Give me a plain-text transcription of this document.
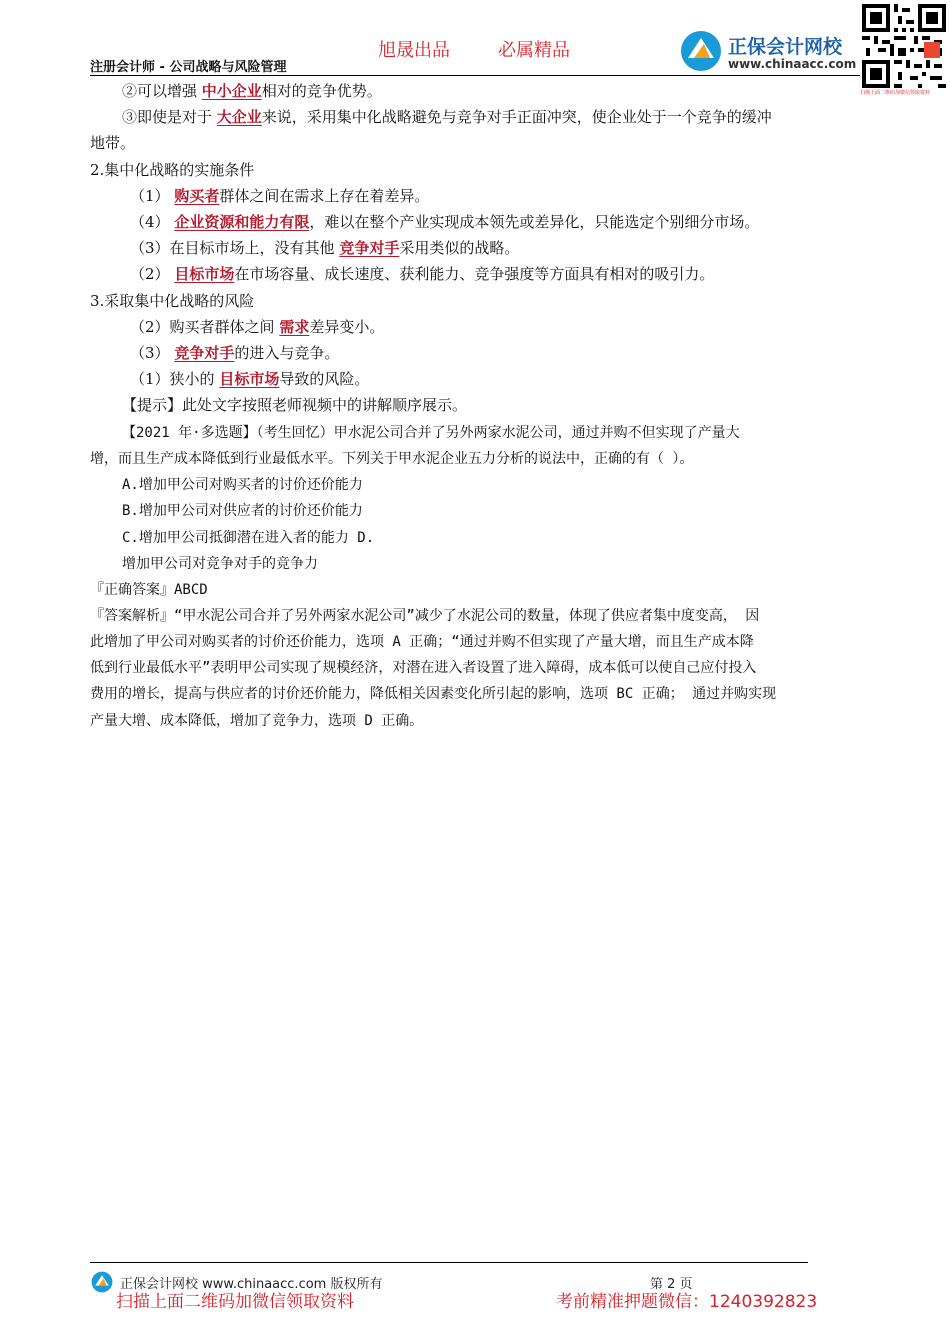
旭晟出品	必属精品
注册会计师 - 公司战略与风险管理
正保会计网校
www.chinaacc.com
扫描上面二维码加微信领取资料
②可以增强 中小企业相对的竞争优势。
③即使是对于 大企业来说，采用集中化战略避免与竞争对手正面冲突，使企业处于一个竞争的缓冲
地带。
2.集中化战略的实施条件
（1） 购买者群体之间在需求上存在着差异。
（4） 企业资源和能力有限，难以在整个产业实现成本领先或差异化，只能选定个别细分市场。
（3）在目标市场上，没有其他 竞争对手采用类似的战略。
（2） 目标市场在市场容量、成长速度、获利能力、竞争强度等方面具有相对的吸引力。
3.采取集中化战略的风险
（2）购买者群体之间 需求差异变小。
（3） 竞争对手的进入与竞争。
（1）狭小的 目标市场导致的风险。
【提示】此处文字按照老师视频中的讲解顺序展示。
【2021 年·多选题】（考生回忆）甲水泥公司合并了另外两家水泥公司，通过并购不但实现了产量大
增，而且生产成本降低到行业最低水平。下列关于甲水泥企业五力分析的说法中，正确的有（ ）。
A.增加甲公司对购买者的讨价还价能力
B.增加甲公司对供应者的讨价还价能力
C.增加甲公司抵御潜在进入者的能力 D.
增加甲公司对竞争对手的竞争力
『正确答案』ABCD
『答案解析』“甲水泥公司合并了另外两家水泥公司”减少了水泥公司的数量，体现了供应者集中度变高， 因
此增加了甲公司对购买者的讨价还价能力，选项 A 正确；“通过并购不但实现了产量大增，而且生产成本降
低到行业最低水平”表明甲公司实现了规模经济，对潜在进入者设置了进入障碍，成本低可以使自己应付投入
费用的增长，提高与供应者的讨价还价能力，降低相关因素变化所引起的影响，选项 BC 正确； 通过并购实现
产量大增、成本降低，增加了竞争力，选项 D 正确。
正保会计网校 www.chinaacc.com 版权所有	第 2 页
扫描上面二维码加微信领取资料	考前精准押题微信：1240392823
